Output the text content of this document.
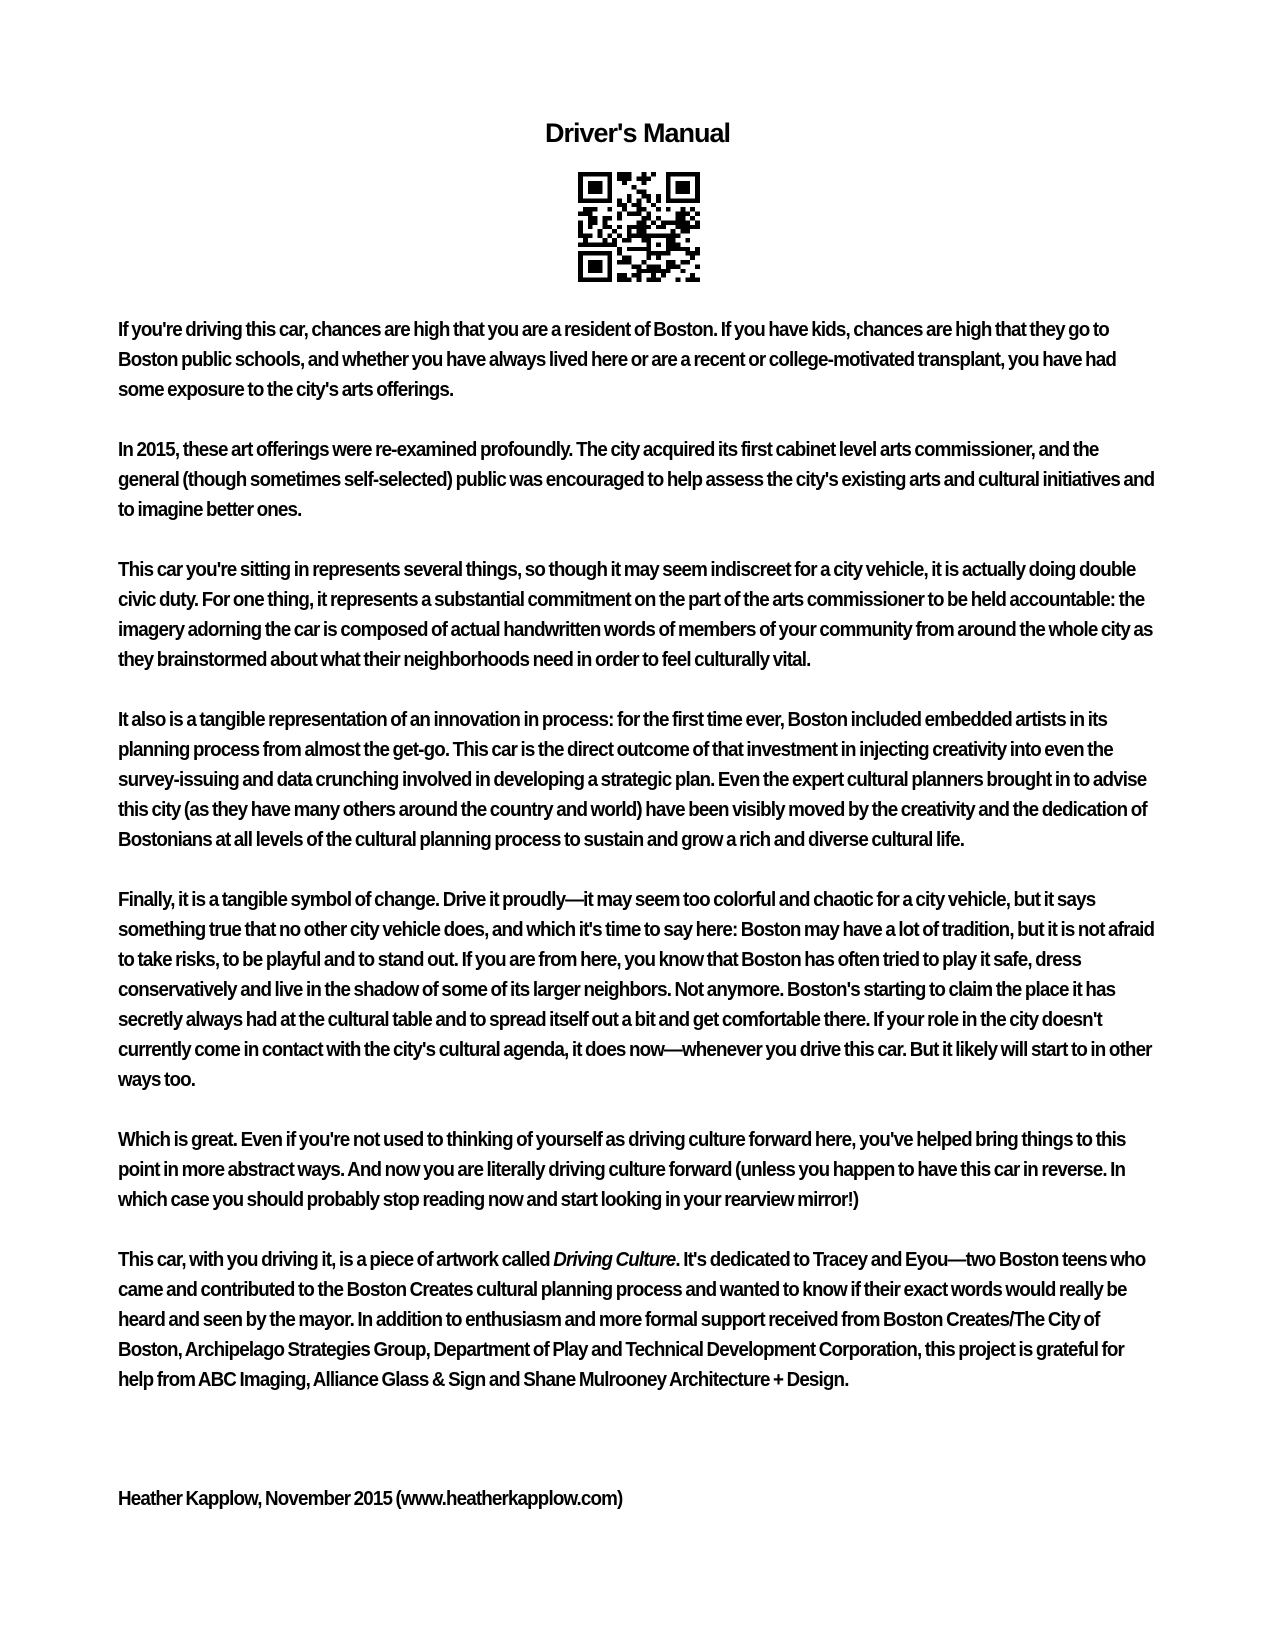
Driver's Manual

If you're driving this car, chances are high that you are a resident of Boston. If you have kids, chances are high that they go to Boston public schools, and whether you have always lived here or are a recent or college-motivated transplant, you have had some exposure to the city's arts offerings.

In 2015, these art offerings were re-examined profoundly. The city acquired its first cabinet level arts commissioner, and the general (though sometimes self-selected) public was encouraged to help assess the city's existing arts and cultural initiatives and to imagine better ones.

This car you're sitting in represents several things, so though it may seem indiscreet for a city vehicle, it is actually doing double civic duty. For one thing, it represents a substantial commitment on the part of the arts commissioner to be held accountable: the imagery adorning the car is composed of actual handwritten words of members of your community from around the whole city as they brainstormed about what their neighborhoods need in order to feel culturally vital.

It also is a tangible representation of an innovation in process: for the first time ever, Boston included embedded artists in its planning process from almost the get-go. This car is the direct outcome of that investment in injecting creativity into even the survey-issuing and data crunching involved in developing a strategic plan. Even the expert cultural planners brought in to advise this city (as they have many others around the country and world) have been visibly moved by the creativity and the dedication of Bostonians at all levels of the cultural planning process to sustain and grow a rich and diverse cultural life.

Finally, it is a tangible symbol of change. Drive it proudly—it may seem too colorful and chaotic for a city vehicle, but it says something true that no other city vehicle does, and which it's time to say here: Boston may have a lot of tradition, but it is not afraid to take risks, to be playful and to stand out. If you are from here, you know that Boston has often tried to play it safe, dress conservatively and live in the shadow of some of its larger neighbors. Not anymore. Boston's starting to claim the place it has secretly always had at the cultural table and to spread itself out a bit and get comfortable there. If your role in the city doesn't currently come in contact with the city's cultural agenda, it does now—whenever you drive this car. But it likely will start to in other ways too.

Which is great. Even if you're not used to thinking of yourself as driving culture forward here, you've helped bring things to this point in more abstract ways. And now you are literally driving culture forward (unless you happen to have this car in reverse. In which case you should probably stop reading now and start looking in your rearview mirror!)

This car, with you driving it, is a piece of artwork called Driving Culture. It's dedicated to Tracey and Eyou—two Boston teens who came and contributed to the Boston Creates cultural planning process and wanted to know if their exact words would really be heard and seen by the mayor. In addition to enthusiasm and more formal support received from Boston Creates/The City of Boston, Archipelago Strategies Group, Department of Play and Technical Development Corporation, this project is grateful for help from ABC Imaging, Alliance Glass & Sign and Shane Mulrooney Architecture + Design.

Heather Kapplow, November 2015 (www.heatherkapplow.com)
